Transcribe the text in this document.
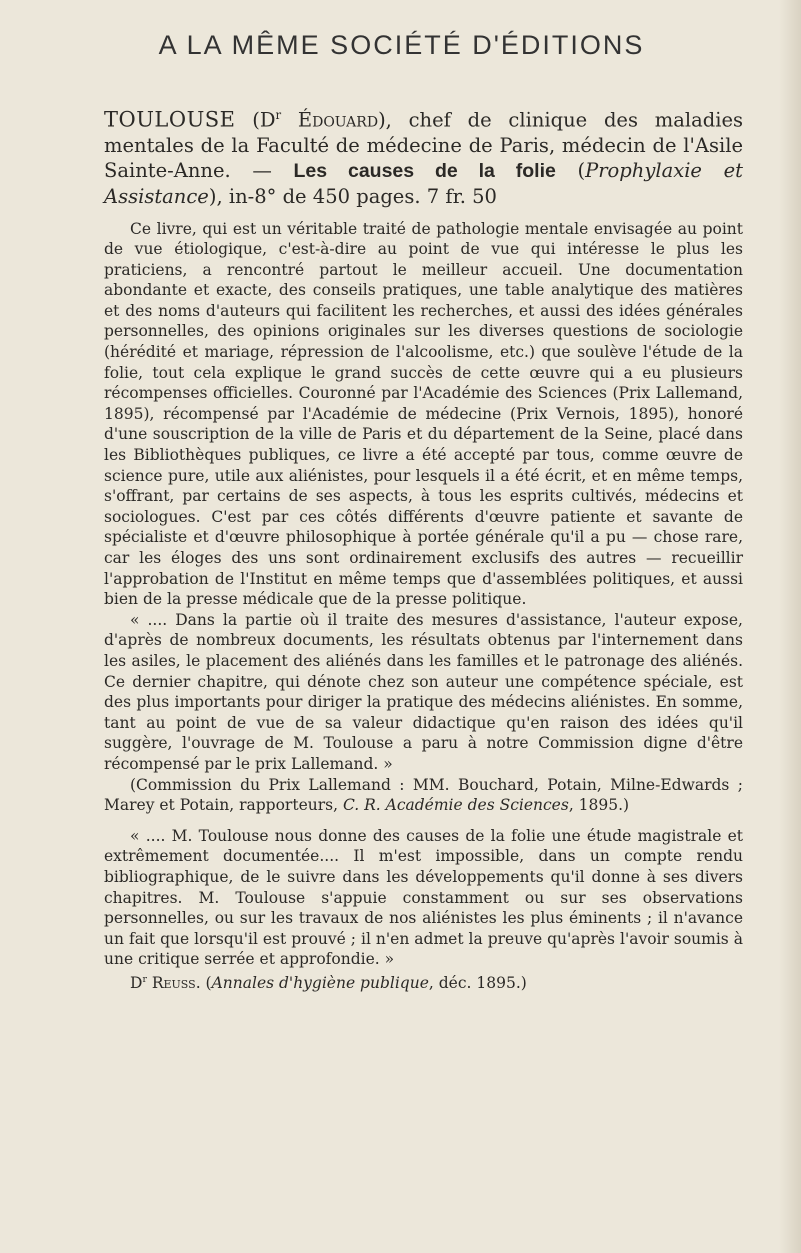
A LA MÊME SOCIÉTÉ D'ÉDITIONS
TOULOUSE ($D^r$ Édouard), chef de clinique des maladies mentales de la Faculté de médecine de Paris, médecin de l'Asile Sainte-Anne. — Les causes de la folie (Prophylaxie et Assistance), in-8° de 450 pages. 7 fr. 50

Ce livre, qui est un véritable traité de pathologie mentale envisagée au point de vue étiologique, c'est-à-dire au point de vue qui intéresse le plus les praticiens, a rencontré partout le meilleur accueil. Une documentation abondante et exacte, des conseils pratiques, une table analytique des matières et des noms d'auteurs qui facilitent les recherches, et aussi des idées générales personnelles, des opinions originales sur les diverses questions de sociologie (hérédité et mariage, répression de l'alcoolisme, etc.) que soulève l'étude de la folie, tout cela explique le grand succès de cette œuvre qui a eu plusieurs récompenses officielles. Couronné par l'Académie des Sciences (Prix Lallemand, 1895), récompensé par l'Académie de médecine (Prix Vernois, 1895), honoré d'une souscription de la ville de Paris et du département de la Seine, placé dans les Bibliothèques publiques, ce livre a été accepté par tous, comme œuvre de science pure, utile aux aliénistes, pour lesquels il a été écrit, et en même temps, s'offrant, par certains de ses aspects, à tous les esprits cultivés, médecins et sociologues. C'est par ces côtés différents d'œuvre patiente et savante de spécialiste et d'œuvre philosophique à portée générale qu'il a pu — chose rare, car les éloges des uns sont ordinairement exclusifs des autres — recueillir l'approbation de l'Institut en même temps que d'assemblées politiques, et aussi bien de la presse médicale que de la presse politique.

« .... Dans la partie où il traite des mesures d'assistance, l'auteur expose, d'après de nombreux documents, les résultats obtenus par l'internement dans les asiles, le placement des aliénés dans les familles et le patronage des aliénés. Ce dernier chapitre, qui dénote chez son auteur une compétence spéciale, est des plus importants pour diriger la pratique des médecins aliénistes. En somme, tant au point de vue de sa valeur didactique qu'en raison des idées qu'il suggère, l'ouvrage de M. Toulouse a paru à notre Commission digne d'être récompensé par le prix Lallemand. »

(Commission du Prix Lallemand : MM. Bouchard, Potain, Milne-Edwards ; Marey et Potain, rapporteurs, C. R. Académie des Sciences, 1895.)

« .... M. Toulouse nous donne des causes de la folie une étude magistrale et extrêmement documentée.... Il m'est impossible, dans un compte rendu bibliographique, de le suivre dans les développements qu'il donne à ses divers chapitres. M. Toulouse s'appuie constamment ou sur ses observations personnelles, ou sur les travaux de nos aliénistes les plus éminents ; il n'avance un fait que lorsqu'il est prouvé ; il n'en admet la preuve qu'après l'avoir soumis à une critique serrée et approfondie. »

$D^r$ Reuss. (Annales d'hygiène publique, déc. 1895.)
